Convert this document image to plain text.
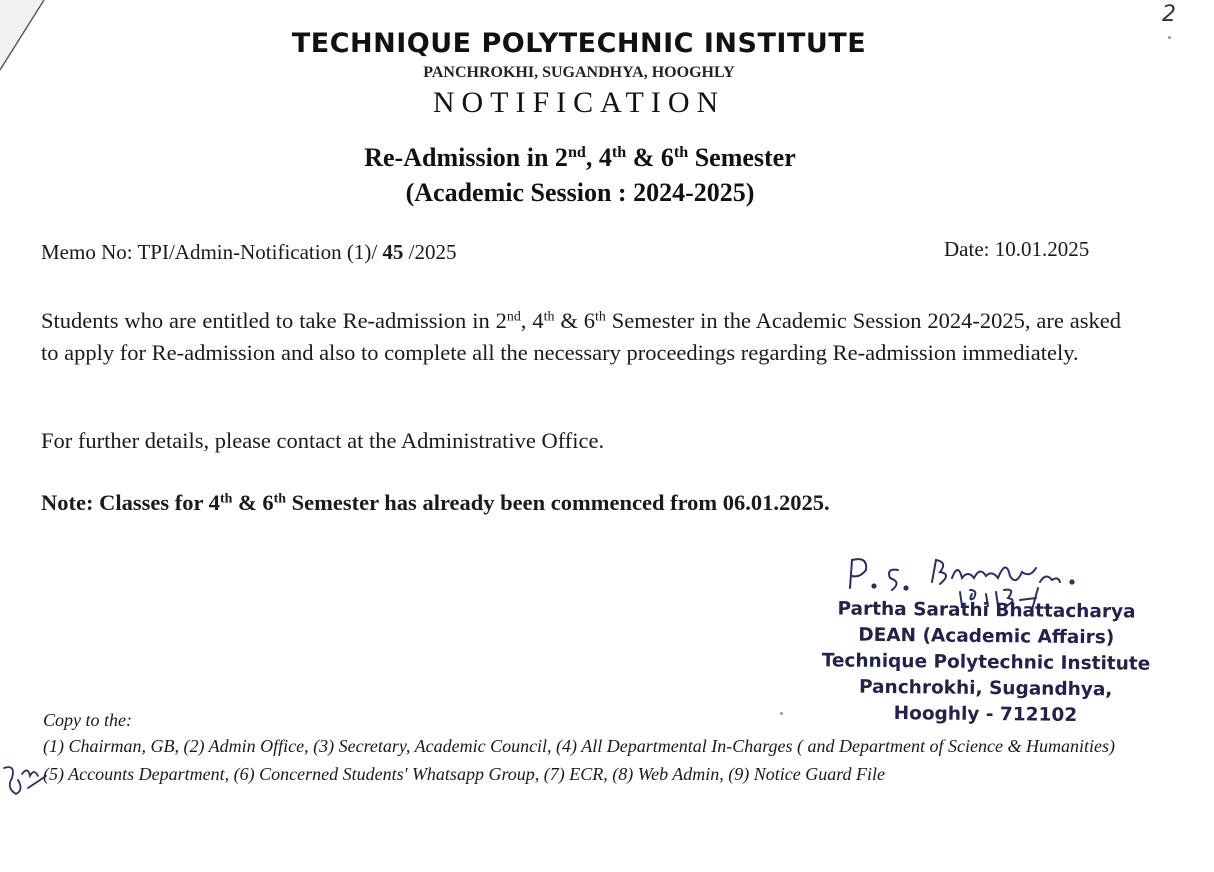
2
TECHNIQUE POLYTECHNIC INSTITUTE
PANCHROKHI, SUGANDHYA, HOOGHLY
NOTIFICATION
Re-Admission in 2nd, 4th & 6th Semester
(Academic Session : 2024-2025)
Memo No: TPI/Admin-Notification (1)/ 45 /2025	Date: 10.01.2025
Students who are entitled to take Re-admission in 2nd, 4th & 6th Semester in the Academic Session 2024-2025, are asked to apply for Re-admission and also to complete all the necessary proceedings regarding Re-admission immediately.
For further details, please contact at the Administrative Office.
Note: Classes for 4th & 6th Semester has already been commenced from 06.01.2025.
Partha Sarathi Bhattacharya
DEAN (Academic Affairs)
Technique Polytechnic Institute
Panchrokhi, Sugandhya,
Hooghly - 712102
Copy to the:
(1) Chairman, GB, (2) Admin Office, (3) Secretary, Academic Council, (4) All Departmental In-Charges ( and Department of Science & Humanities) (5) Accounts Department, (6) Concerned Students' Whatsapp Group, (7) ECR, (8) Web Admin, (9) Notice Guard File
